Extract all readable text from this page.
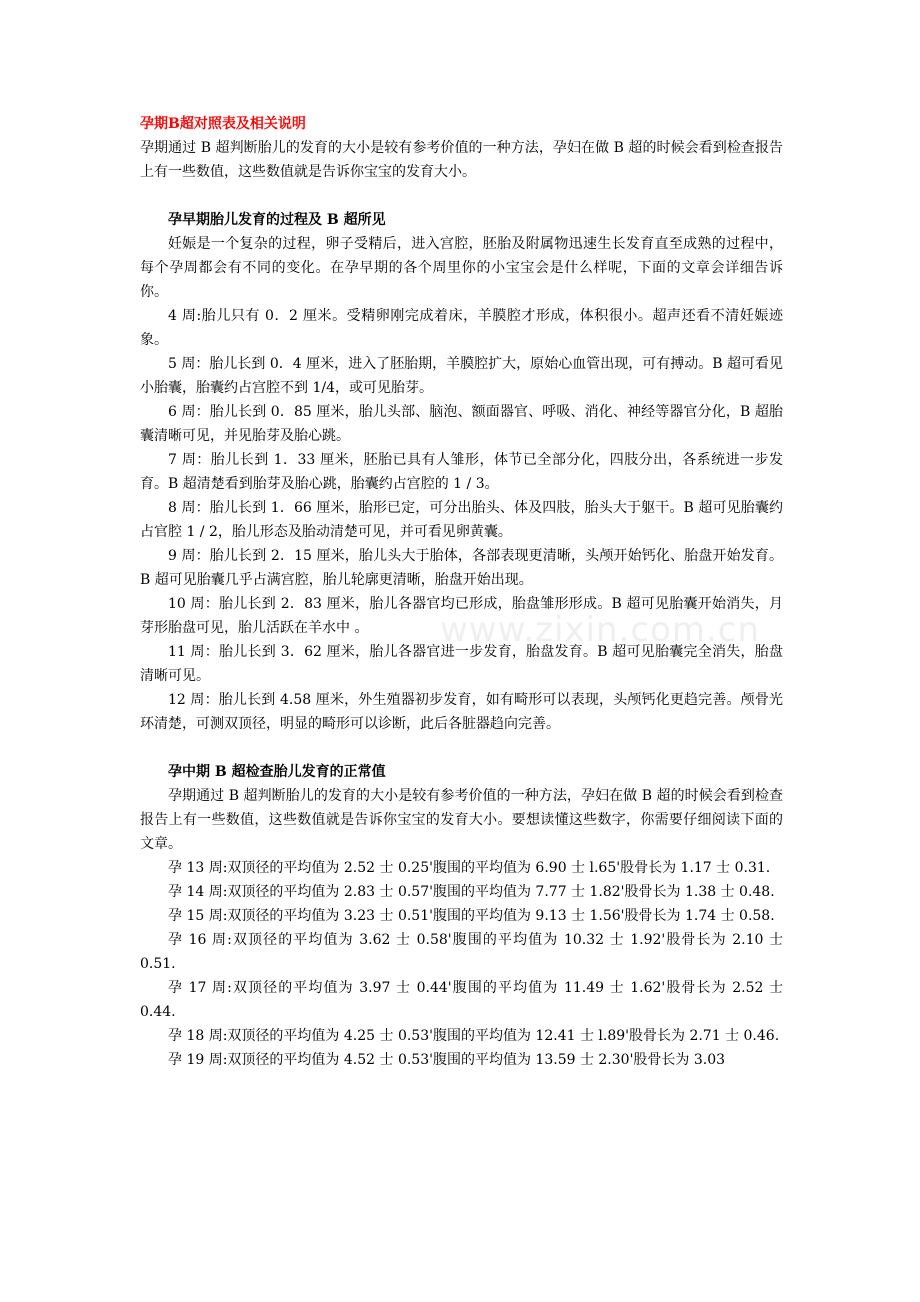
孕期B超对照表及相关说明

孕期通过 B 超判断胎儿的发育的大小是较有参考价值的一种方法，孕妇在做 B 超的时候会看到检查报告上有一些数值，这些数值就是告诉你宝宝的发育大小。

孕早期胎儿发育的过程及 B 超所见

妊娠是一个复杂的过程，卵子受精后，进入宫腔，胚胎及附属物迅速生长发育直至成熟的过程中，每个孕周都会有不同的变化。在孕早期的各个周里你的小宝宝会是什么样呢，下面的文章会详细告诉你。

4 周:胎儿只有 0．2 厘米。受精卵刚完成着床，羊膜腔才形成，体积很小。超声还看不清妊娠迹象。

5 周：胎儿长到 0．4 厘米，进入了胚胎期，羊膜腔扩大，原始心血管出现，可有搏动。B 超可看见小胎囊，胎囊约占宫腔不到 1/4，或可见胎芽。

6 周：胎儿长到 0．85 厘米，胎儿头部、脑泡、额面器官、呼吸、消化、神经等器官分化，B 超胎囊清晰可见，并见胎芽及胎心跳。

7 周：胎儿长到 1．33 厘米，胚胎已具有人雏形，体节已全部分化，四肢分出，各系统进一步发育。B 超清楚看到胎芽及胎心跳，胎囊约占宫腔的 1 / 3。

8 周：胎儿长到 1．66 厘米，胎形已定，可分出胎头、体及四肢，胎头大于躯干。B 超可见胎囊约占官腔 1 / 2，胎儿形态及胎动清楚可见，并可看见卵黄囊。

9 周：胎儿长到 2．15 厘米，胎儿头大于胎体，各部表现更清晰，头颅开始钙化、胎盘开始发育。B 超可见胎囊几乎占满宫腔，胎儿轮廓更清晰，胎盘开始出现。

10 周：胎儿长到 2．83 厘米，胎儿各器官均已形成，胎盘雏形形成。B 超可见胎囊开始消失，月芽形胎盘可见，胎儿活跃在羊水中 。

11 周：胎儿长到 3．62 厘米，胎儿各器官进一步发育，胎盘发育。B 超可见胎囊完全消失，胎盘清晰可见。

12 周：胎儿长到 4.58 厘米，外生殖器初步发育，如有畸形可以表现，头颅钙化更趋完善。颅骨光环清楚，可测双顶径，明显的畸形可以诊断，此后各脏器趋向完善。

孕中期 B 超检查胎儿发育的正常值

孕期通过 B 超判断胎儿的发育的大小是较有参考价值的一种方法，孕妇在做 B 超的时候会看到检查报告上有一些数值，这些数值就是告诉你宝宝的发育大小。要想读懂这些数字，你需要仔细阅读下面的文章。

孕 13 周:双顶径的平均值为 2.52 士 0.25'腹围的平均值为 6.90 士 l.65'股骨长为 1.17 士 0.31.

孕 14 周:双顶径的平均值为 2.83 士 0.57'腹围的平均值为 7.77 士 1.82'股骨长为 1.38 士 0.48.

孕 15 周:双顶径的平均值为 3.23 士 0.51'腹围的平均值为 9.13 士 1.56'股骨长为 1.74 士 0.58.

孕 16 周:双顶径的平均值为 3.62 士 0.58'腹围的平均值为 10.32 士 1.92'股骨长为 2.10 士 0.51.

孕 17 周:双顶径的平均值为 3.97 士 0.44'腹围的平均值为 11.49 士 1.62'股骨长为 2.52 士 0.44.

孕 18 周:双顶径的平均值为 4.25 士 0.53'腹围的平均值为 12.41 士 l.89'股骨长为 2.71 士 0.46.

孕 19 周:双顶径的平均值为 4.52 士 0.53'腹围的平均值为 13.59 士 2.30'股骨长为 3.03

www.zixin.com.cn
